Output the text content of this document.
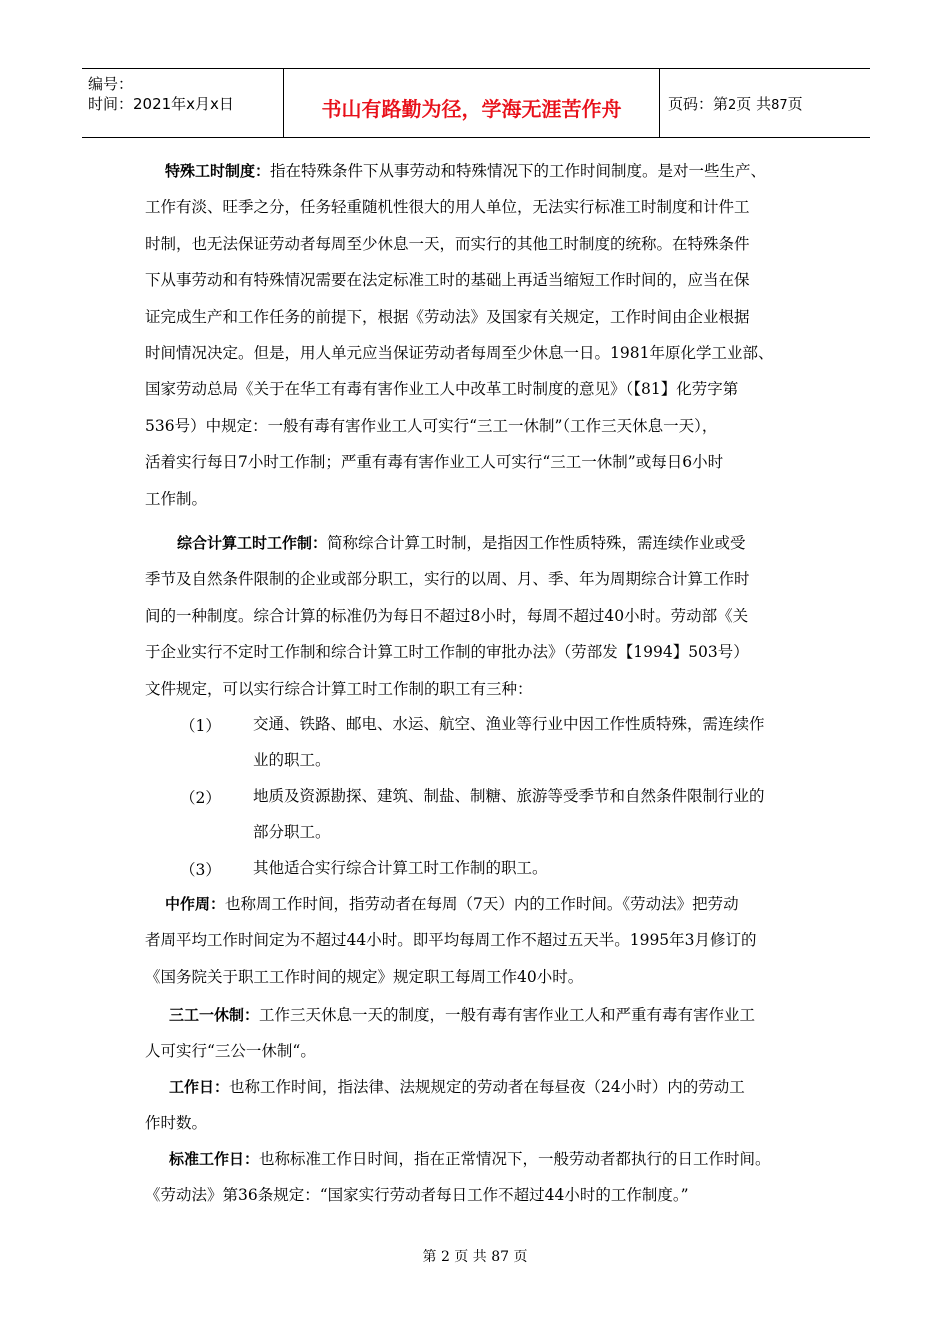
编号：
时间：2021年x月x日	书山有路勤为径，学海无涯苦作舟	页码：第2页 共87页
特殊工时制度：指在特殊条件下从事劳动和特殊情况下的工作时间制度。是对一些生产、
工作有淡、旺季之分，任务轻重随机性很大的用人单位，无法实行标准工时制度和计件工
时制，也无法保证劳动者每周至少休息一天，而实行的其他工时制度的统称。在特殊条件
下从事劳动和有特殊情况需要在法定标准工时的基础上再适当缩短工作时间的，应当在保
证完成生产和工作任务的前提下，根据《劳动法》及国家有关规定，工作时间由企业根据
时间情况决定。但是，用人单元应当保证劳动者每周至少休息一日。1981年原化学工业部、
国家劳动总局《关于在华工有毒有害作业工人中改革工时制度的意见》（【81】化劳字第
536号）中规定：一般有毒有害作业工人可实行“三工一休制”（工作三天休息一天），
活着实行每日7小时工作制；严重有毒有害作业工人可实行“三工一休制”或每日6小时
工作制。
综合计算工时工作制：简称综合计算工时制，是指因工作性质特殊，需连续作业或受
季节及自然条件限制的企业或部分职工，实行的以周、月、季、年为周期综合计算工作时
间的一种制度。综合计算的标准仍为每日不超过8小时，每周不超过40小时。劳动部《关
于企业实行不定时工作制和综合计算工时工作制的审批办法》（劳部发【1994】503号）
文件规定，可以实行综合计算工时工作制的职工有三种：
（1） 交通、铁路、邮电、水运、航空、渔业等行业中因工作性质特殊，需连续作
业的职工。
（2） 地质及资源勘探、建筑、制盐、制糖、旅游等受季节和自然条件限制行业的
部分职工。
（3） 其他适合实行综合计算工时工作制的职工。
中作周：也称周工作时间，指劳动者在每周（7天）内的工作时间。《劳动法》把劳动
者周平均工作时间定为不超过44小时。即平均每周工作不超过五天半。1995年3月修订的
《国务院关于职工工作时间的规定》规定职工每周工作40小时。
三工一休制：工作三天休息一天的制度，一般有毒有害作业工人和严重有毒有害作业工
人可实行“三公一休制“。
工作日：也称工作时间，指法律、法规规定的劳动者在每昼夜（24小时）内的劳动工
作时数。
标准工作日：也称标准工作日时间，指在正常情况下，一般劳动者都执行的日工作时间。
《劳动法》第36条规定：“国家实行劳动者每日工作不超过44小时的工作制度。”
第 2 页 共 87 页
